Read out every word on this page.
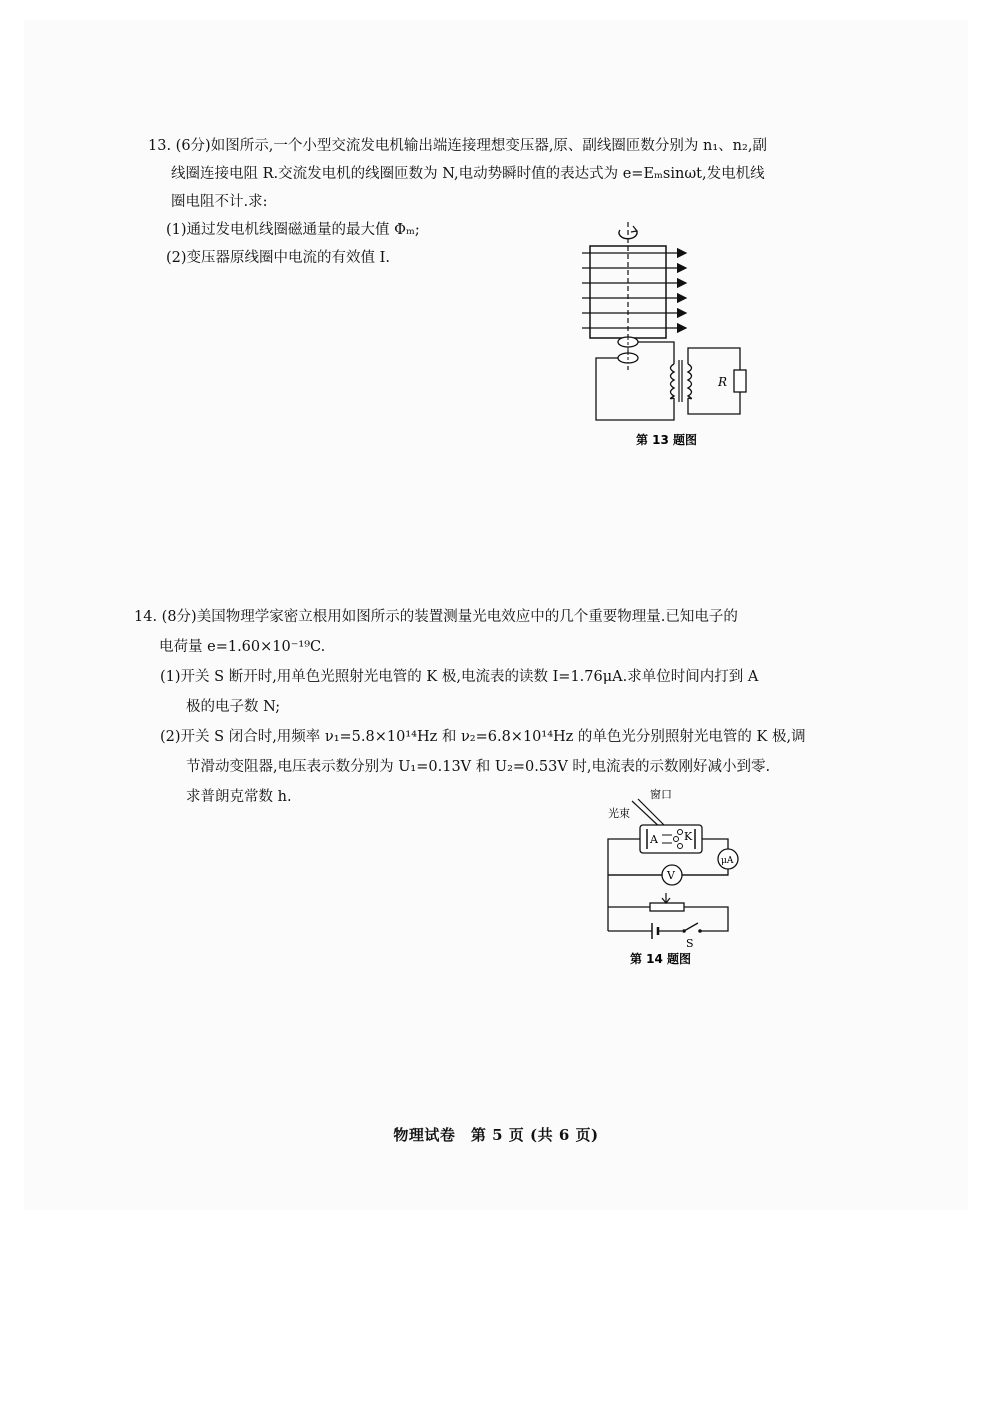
13. (6分)如图所示,一个小型交流发电机输出端连接理想变压器,原、副线圈匝数分别为 n₁、n₂,副

线圈连接电阻 R.交流发电机的线圈匝数为 N,电动势瞬时值的表达式为 e=Eₘsinωt,发电机线

圈电阻不计.求:

(1)通过发电机线圈磁通量的最大值 Φₘ;

(2)变压器原线圈中电流的有效值 I.

R
第 13 题图

14. (8分)美国物理学家密立根用如图所示的装置测量光电效应中的几个重要物理量.已知电子的

电荷量 e=1.60×10⁻¹⁹C.

(1)开关 S 断开时,用单色光照射光电管的 K 极,电流表的读数 I=1.76μA.求单位时间内打到 A

极的电子数 N;

(2)开关 S 闭合时,用频率 ν₁=5.8×10¹⁴Hz 和 ν₂=6.8×10¹⁴Hz 的单色光分别照射光电管的 K 极,调

节滑动变阻器,电压表示数分别为 U₁=0.13V 和 U₂=0.53V 时,电流表的示数刚好减小到零.

求普朗克常数 h.	窗口
光束
A K
μA
V
S
第 14 题图
物理试卷　第 5 页 (共 6 页)
